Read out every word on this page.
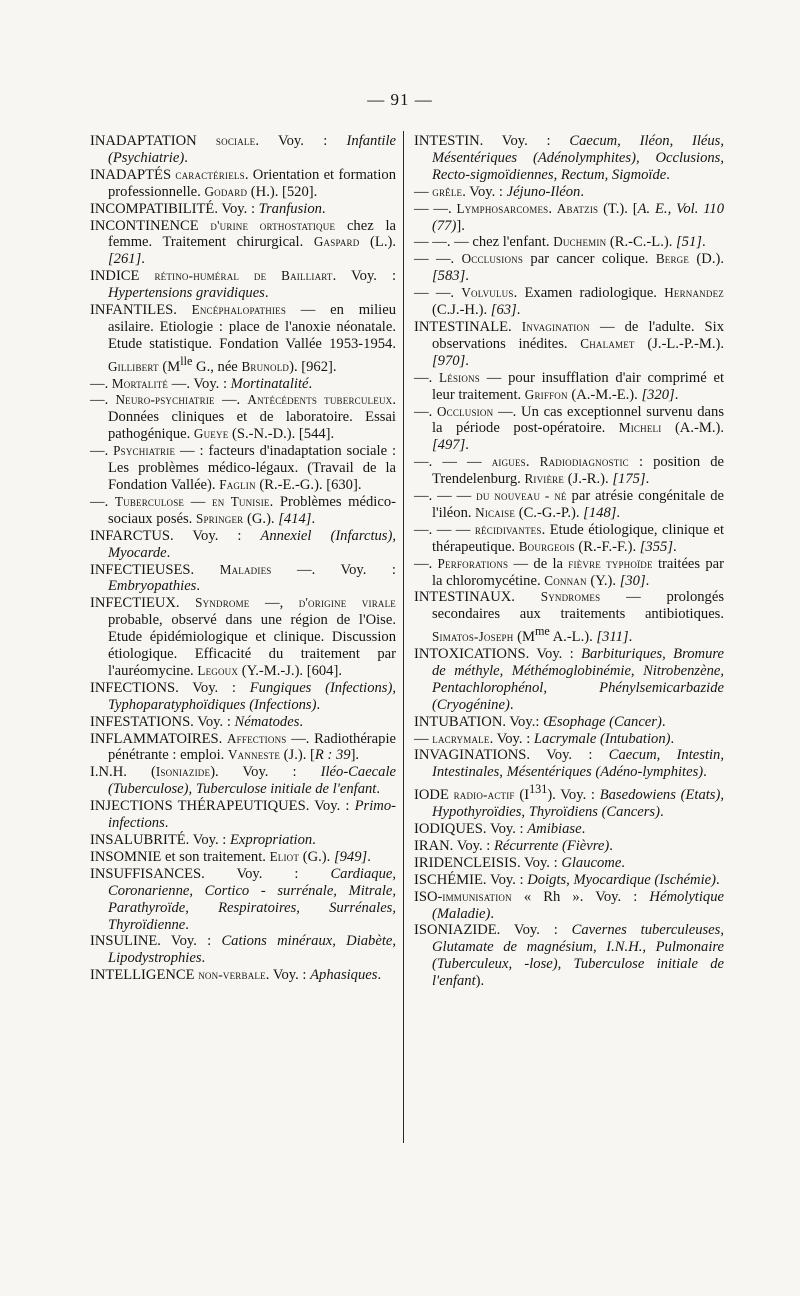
— 91 —

INADAPTATION sociale. Voy. : Infantile (Psychiatrie).

INADAPTÉS caractériels. Orientation et formation professionnelle. Godard (H.). [520].

INCOMPATIBILITÉ. Voy. : Tranfusion.

INCONTINENCE d'urine orthostatique chez la femme. Traitement chirurgical. Gaspard (L.). [261].

INDICE rétino-huméral de Bailliart. Voy. : Hypertensions gravidiques.

INFANTILES. Encéphalopathies — en milieu asilaire. Etiologie : place de l'anoxie néonatale. Etude statistique. Fondation Vallée 1953-1954. Gillibert ($M^{lle}$ G., née Brunold). [962].

—. Mortalité —. Voy. : Mortinatalité.

—. Neuro-psychiatrie —. Antécédents tuberculeux. Données cliniques et de laboratoire. Essai pathogénique. Gueye (S.-N.-D.). [544].

—. Psychiatrie — : facteurs d'inadaptation sociale : Les problèmes médico-légaux. (Travail de la Fondation Vallée). Faglin (R.-E.-G.). [630].

—. Tuberculose — en Tunisie. Problèmes médico-sociaux posés. Springer (G.). [414].

INFARCTUS. Voy. : Annexiel (Infarctus), Myocarde.

INFECTIEUSES. Maladies —. Voy. : Embryopathies.

INFECTIEUX. Syndrome —, d'origine virale probable, observé dans une région de l'Oise. Etude épidémiologique et clinique. Discussion étiologique. Efficacité du traitement par l'auréomycine. Legoux (Y.-M.-J.). [604].

INFECTIONS. Voy. : Fungiques (Infections), Typhoparatyphoïdiques (Infections).

INFESTATIONS. Voy. : Nématodes.

INFLAMMATOIRES. Affections —. Radiothérapie pénétrante : emploi. Vanneste (J.). [R : 39].

I.N.H. (Isoniazide). Voy. : Iléo-Caecale (Tuberculose), Tuberculose initiale de l'enfant.

INJECTIONS THÉRAPEUTIQUES. Voy. : Primo-infections.

INSALUBRITÉ. Voy. : Expropriation.

INSOMNIE et son traitement. Eliot (G.). [949].

INSUFFISANCES. Voy. : Cardiaque, Coronarienne, Cortico - surrénale, Mitrale, Parathyroïde, Respiratoires, Surrénales, Thyroïdienne.

INSULINE. Voy. : Cations minéraux, Diabète, Lipodystrophies.

INTELLIGENCE non-verbale. Voy. : Aphasiques.

INTESTIN. Voy. : Caecum, Iléon, Iléus, Mésentériques (Adénolymphites), Occlusions, Recto-sigmoïdiennes, Rectum, Sigmoïde.

— grêle. Voy. : Jéjuno-Iléon.

— —. Lymphosarcomes. Abatzis (T.). [A. E., Vol. 110 (77)].

— —. — chez l'enfant. Duchemin (R.-C.-L.). [51].

— —. Occlusions par cancer colique. Berge (D.). [583].

— —. Volvulus. Examen radiologique. Hernandez (C.J.-H.). [63].

INTESTINALE. Invagination — de l'adulte. Six observations inédites. Chalamet (J.-L.-P.-M.). [970].

—. Lésions — pour insufflation d'air comprimé et leur traitement. Griffon (A.-M.-E.). [320].

—. Occlusion —. Un cas exceptionnel survenu dans la période post-opératoire. Micheli (A.-M.). [497].

—. — — aigues. Radiodiagnostic : position de Trendelenburg. Rivière (J.-R.). [175].

—. — — du nouveau - né par atrésie congénitale de l'iléon. Nicaise (C.-G.-P.). [148].

—. — — récidivantes. Etude étiologique, clinique et thérapeutique. Bourgeois (R.-F.-F.). [355].

—. Perforations — de la fièvre typhoïde traitées par la chloromycétine. Connan (Y.). [30].

INTESTINAUX. Syndromes — prolongés secondaires aux traitements antibiotiques. Simatos-Joseph ($M^{me}$ A.-L.). [311].

INTOXICATIONS. Voy. : Barbituriques, Bromure de méthyle, Méthémoglobinémie, Nitrobenzène, Pentachlorophénol, Phénylsemicarbazide (Cryogénine).

INTUBATION. Voy.: Œsophage (Cancer).

— lacrymale. Voy. : Lacrymale (Intubation).

INVAGINATIONS. Voy. : Caecum, Intestin, Intestinales, Mésentériques (Adéno-lymphites).

IODE radio-actif $(I^{131})$. Voy. : Basedowiens (Etats), Hypothyroïdies, Thyroïdiens (Cancers).

IODIQUES. Voy. : Amibiase.

IRAN. Voy. : Récurrente (Fièvre).

IRIDENCLEISIS. Voy. : Glaucome.

ISCHÉMIE. Voy. : Doigts, Myocardique (Ischémie).

ISO-immunisation « Rh ». Voy. : Hémolytique (Maladie).

ISONIAZIDE. Voy. : Cavernes tuberculeuses, Glutamate de magnésium, I.N.H., Pulmonaire (Tuberculeux, -lose), Tuberculose initiale de l'enfant).
